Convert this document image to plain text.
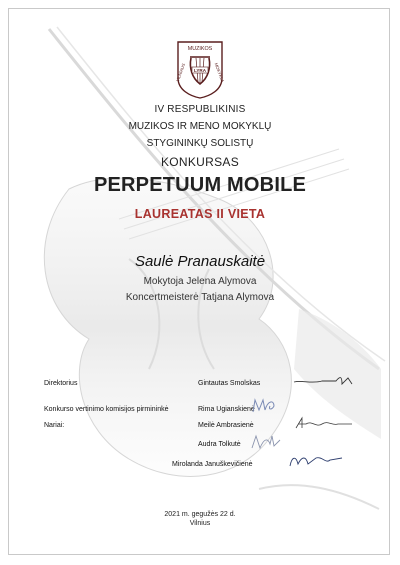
MUZIKOS
VILNIAUS	MOKYKLA
LYRA
IV RESPUBLIKINIS
MUZIKOS IR MENO MOKYKLŲ
STYGININKŲ SOLISTŲ
KONKURSAS
PERPETUUM MOBILE
LAUREATAS II VIETA
Saulė Pranauskaitė
Mokytoja Jelena Alymova
Koncertmeisterė Tatjana Alymova
Direktorius	Gintautas Smolskas
Konkurso vertinimo komisijos pirmininkė	Rima Ugianskienė
Nariai:	Meilė Ambrasienė
Audra Tolkutė
Mirolanda Januškevičienė
2021 m. gegužės 22 d.
Vilnius
